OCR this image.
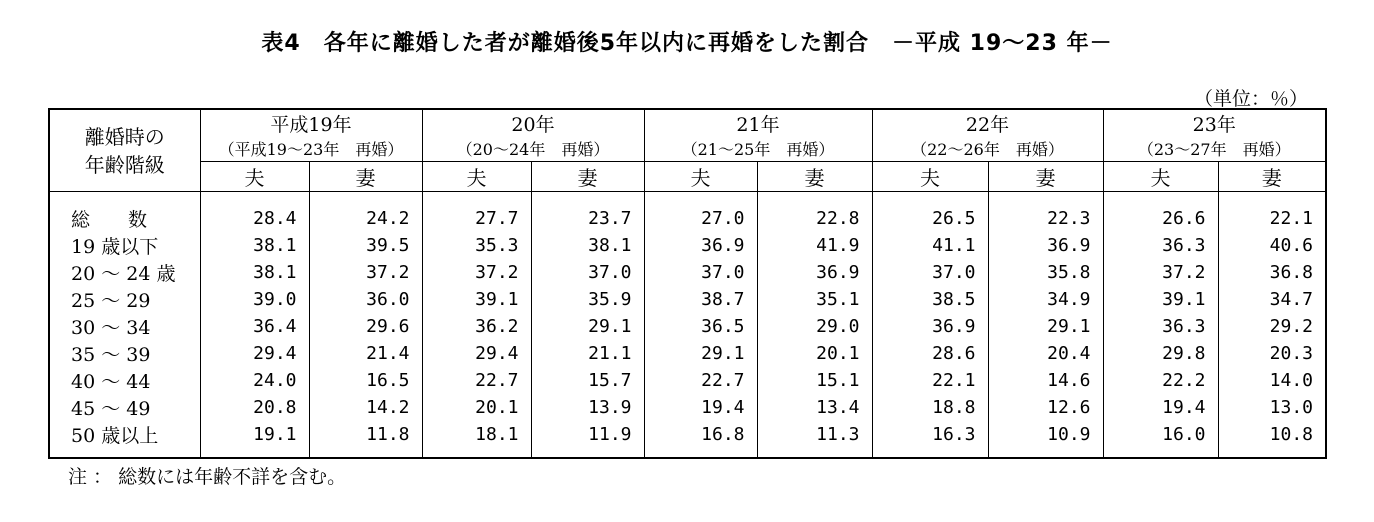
表4　各年に離婚した者が離婚後5年以内に再婚をした割合　－平成 19～23 年－
（単位：％）
離婚時の
年齢階級	平成19年		20年		21年		22年		23年	
	（平成19～23年　再婚）		（20～24年　再婚）		（21～25年　再婚）		（22～26年　再婚）		（23～27年　再婚）	
	夫	妻	夫	妻	夫	妻	夫	妻	夫	妻

総　　数	28.4	24.2	27.7	23.7	27.0	22.8	26.5	22.3	26.6	22.1
19 歳以下	38.1	39.5	35.3	38.1	36.9	41.9	41.1	36.9	36.3	40.6
20 ～ 24 歳	38.1	37.2	37.2	37.0	37.0	36.9	37.0	35.8	37.2	36.8
25 ～ 29	39.0	36.0	39.1	35.9	38.7	35.1	38.5	34.9	39.1	34.7
30 ～ 34	36.4	29.6	36.2	29.1	36.5	29.0	36.9	29.1	36.3	29.2
35 ～ 39	29.4	21.4	29.4	21.1	29.1	20.1	28.6	20.4	29.8	20.3
40 ～ 44	24.0	16.5	22.7	15.7	22.7	15.1	22.1	14.6	22.2	14.0
45 ～ 49	20.8	14.2	20.1	13.9	19.4	13.4	18.8	12.6	19.4	13.0
50 歳以上	19.1	11.8	18.1	11.9	16.8	11.3	16.3	10.9	16.0	10.8

注 ： 総数には年齢不詳を含む。
